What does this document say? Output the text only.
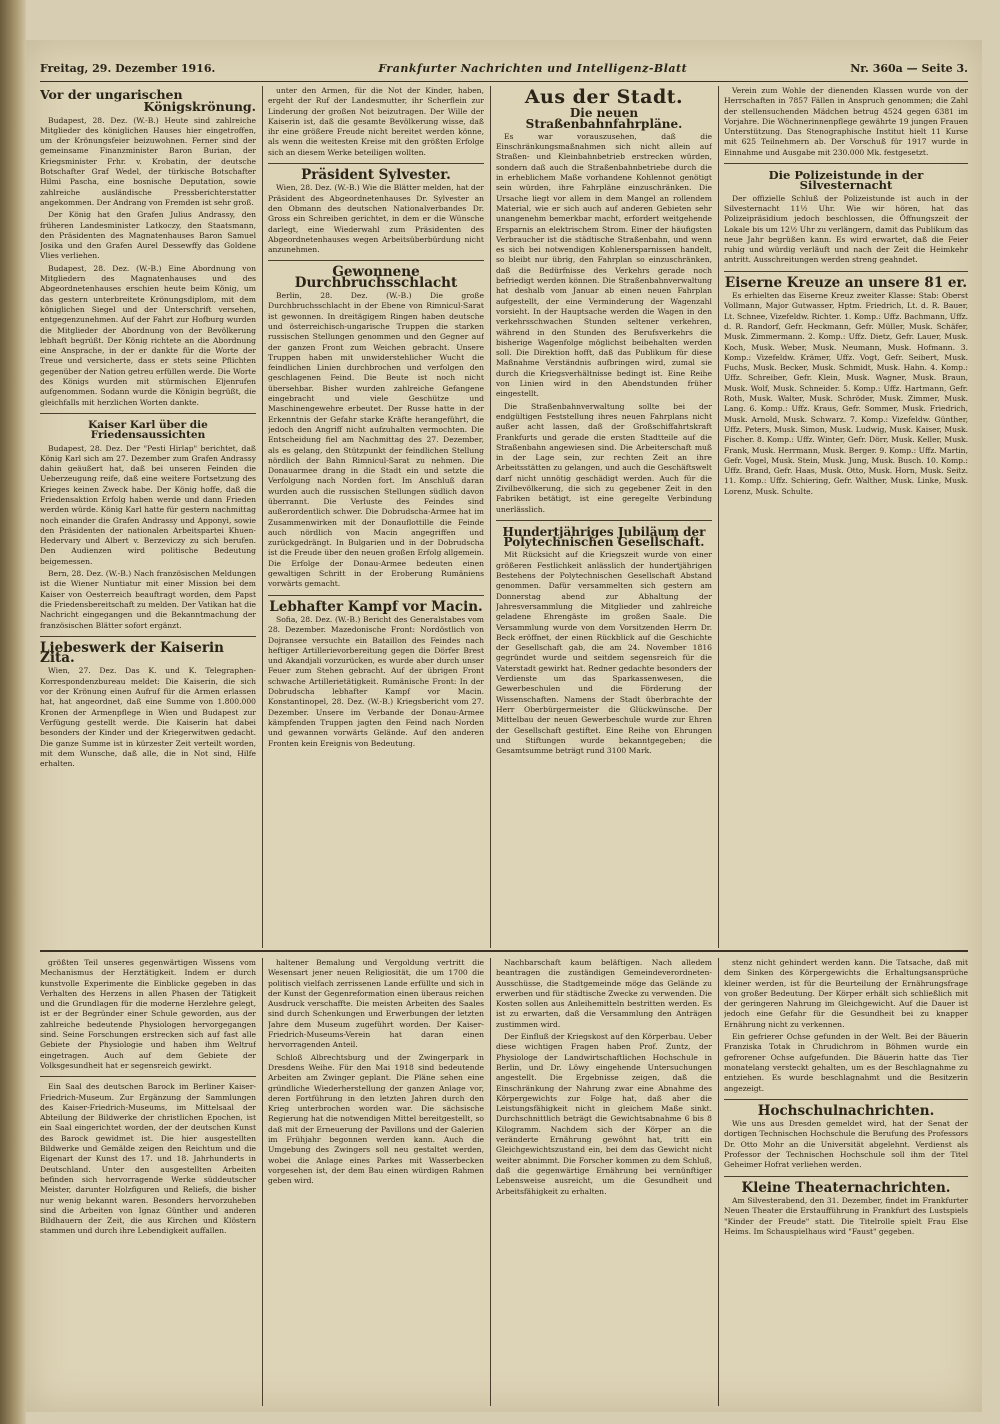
Freitag, 29. Dezember 1916.	Frankfurter Nachrichten und Intelligenz-Blatt	Nr. 360a — Seite 3.
Vor der ungarischen
Königskrönung.

Budapest, 28. Dez. (W.-B.) Heute sind zahlreiche Mitglieder des königlichen Hauses hier eingetroffen, um der Krönungsfeier beizuwohnen. Ferner sind der gemeinsame Finanzminister Baron Burian, der Kriegsminister Frhr. v. Krobatin, der deutsche Botschafter Graf Wedel, der türkische Botschafter Hilmi Pascha, eine bosnische Deputation, sowie zahlreiche ausländische Pressberichterstatter angekommen. Der Andrang von Fremden ist sehr groß.

Der König hat den Grafen Julius Andrassy, den früheren Landesminister Latkoczy, den Staatsmann, den Präsidenten des Magnatenhauses Baron Samuel Josika und den Grafen Aurel Dessewffy das Goldene Vlies verliehen.

Budapest, 28. Dez. (W.-B.) Eine Abordnung von Mitgliedern des Magnatenhauses und des Abgeordnetenhauses erschien heute beim König, um das gestern unterbreitete Krönungsdiplom, mit dem königlichen Siegel und der Unterschrift versehen, entgegenzunehmen. Auf der Fahrt zur Hofburg wurden die Mitglieder der Abordnung von der Bevölkerung lebhaft begrüßt. Der König richtete an die Abordnung eine Ansprache, in der er dankte für die Worte der Treue und versicherte, dass er stets seine Pflichten gegenüber der Nation getreu erfüllen werde. Die Worte des Königs wurden mit stürmischen Eljenrufen aufgenommen. Sodann wurde die Königin begrüßt, die gleichfalls mit herzlichen Worten dankte.

Kaiser Karl über die Friedensaussichten

Budapest, 28. Dez. Der "Pesti Hirlap" berichtet, daß König Karl sich am 27. Dezember zum Grafen Andrassy dahin geäußert hat, daß bei unseren Feinden die Ueberzeugung reife, daß eine weitere Fortsetzung des Krieges keinen Zweck habe. Der König hoffe, daß die Friedensaktion Erfolg haben werde und dann Frieden werden würde. König Karl hatte für gestern nachmittag noch einander die Grafen Andrassy und Apponyi, sowie den Präsidenten der nationalen Arbeitspartei Khuen-Hedervary und Albert v. Berzeviczy zu sich berufen. Den Audienzen wird politische Bedeutung beigemessen.

Bern, 28. Dez. (W.-B.) Nach französischen Meldungen ist die Wiener Nuntiatur mit einer Mission bei dem Kaiser von Oesterreich beauftragt worden, dem Papst die Friedensbereitschaft zu melden. Der Vatikan hat die Nachricht eingegangen und die Bekanntmachung der französischen Blätter sofort ergänzt.

Liebeswerk der Kaiserin Zita.

Wien, 27. Dez. Das K. und K. Telegraphen-Korrespondenzbureau meldet: Die Kaiserin, die sich vor der Krönung einen Aufruf für die Armen erlassen hat, hat angeordnet, daß eine Summe von 1.800.000 Kronen der Armenpflege in Wien und Budapest zur Verfügung gestellt werde. Die Kaiserin hat dabei besonders der Kinder und der Kriegerwitwen gedacht. Die ganze Summe ist in kürzester Zeit verteilt worden, mit dem Wunsche, daß alle, die in Not sind, Hilfe erhalten.

unter den Armen, für die Not der Kinder, haben, ergeht der Ruf der Landesmutter, ihr Scherflein zur Linderung der großen Not beizutragen. Der Wille der Kaiserin ist, daß die gesamte Bevölkerung wisse, daß ihr eine größere Freude nicht bereitet werden könne, als wenn die weitesten Kreise mit den größten Erfolge sich an diesem Werke beteiligen wollten.

Präsident Sylvester.

Wien, 28. Dez. (W.-B.) Wie die Blätter melden, hat der Präsident des Abgeordnetenhauses Dr. Sylvester an den Obmann des deutschen Nationalverbandes Dr. Gross ein Schreiben gerichtet, in dem er die Wünsche darlegt, eine Wiederwahl zum Präsidenten des Abgeordnetenhauses wegen Arbeitsüberbürdung nicht anzunehmen.

Gewonnene Durchbruchsschlacht

Berlin, 28. Dez. (W.-B.) Die große Durchbruchsschlacht in der Ebene von Rimnicul-Sarat ist gewonnen. In dreitägigem Ringen haben deutsche und österreichisch-ungarische Truppen die starken russischen Stellungen genommen und den Gegner auf der ganzen Front zum Weichen gebracht. Unsere Truppen haben mit unwiderstehlicher Wucht die feindlichen Linien durchbrochen und verfolgen den geschlagenen Feind. Die Beute ist noch nicht übersehbar. Bisher wurden zahlreiche Gefangene eingebracht und viele Geschütze und Maschinengewehre erbeutet. Der Russe hatte in der Erkenntnis der Gefahr starke Kräfte herangeführt, die jedoch den Angriff nicht aufzuhalten vermochten. Die Entscheidung fiel am Nachmittag des 27. Dezember, als es gelang, den Stützpunkt der feindlichen Stellung nördlich der Bahn Rimnicul-Sarat zu nehmen. Die Donauarmee drang in die Stadt ein und setzte die Verfolgung nach Norden fort. Im Anschluß daran wurden auch die russischen Stellungen südlich davon überrannt. Die Verluste des Feindes sind außerordentlich schwer. Die Dobrudscha-Armee hat im Zusammenwirken mit der Donauflottille die Feinde auch nördlich von Macin angegriffen und zurückgedrängt. In Bulgarien und in der Dobrudscha ist die Freude über den neuen großen Erfolg allgemein. Die Erfolge der Donau-Armee bedeuten einen gewaltigen Schritt in der Eroberung Rumäniens vorwärts gemacht.

Lebhafter Kampf vor Macin.

Sofia, 28. Dez. (W.-B.) Bericht des Generalstabes vom 28. Dezember. Mazedonische Front: Nordöstlich von Dojransee versuchte ein Bataillon des Feindes nach heftiger Artillerievorbereitung gegen die Dörfer Brest und Akandjali vorzurücken, es wurde aber durch unser Feuer zum Stehen gebracht. Auf der übrigen Front schwache Artillerietätigkeit. Rumänische Front: In der Dobrudscha lebhafter Kampf vor Macin. Konstantinopel, 28. Dez. (W.-B.) Kriegsbericht vom 27. Dezember. Unsere im Verbande der Donau-Armee kämpfenden Truppen jagten den Feind nach Norden und gewannen vorwärts Gelände. Auf den anderen Fronten kein Ereignis von Bedeutung.

Aus der Stadt.
Die neuen Straßenbahnfahrpläne.

Es war vorauszusehen, daß die Einschränkungsmaßnahmen sich nicht allein auf Straßen- und Kleinbahnbetrieb erstrecken würden, sondern daß auch die Straßenbahnbetriebe durch die in erheblichem Maße vorhandene Kohlennot genötigt sein würden, ihre Fahrpläne einzuschränken. Die Ursache liegt vor allem in dem Mangel an rollendem Material, wie er sich auch auf anderen Gebieten sehr unangenehm bemerkbar macht, erfordert weitgehende Ersparnis an elektrischem Strom. Einer der häufigsten Verbraucher ist die städtische Straßenbahn, und wenn es sich bei notwendigen Kohlenersparnissen handelt, so bleibt nur übrig, den Fahrplan so einzuschränken, daß die Bedürfnisse des Verkehrs gerade noch befriedigt werden können. Die Straßenbahnverwaltung hat deshalb vom Januar ab einen neuen Fahrplan aufgestellt, der eine Verminderung der Wagenzahl vorsieht. In der Hauptsache werden die Wagen in den verkehrsschwachen Stunden seltener verkehren, während in den Stunden des Berufsverkehrs die bisherige Wagenfolge möglichst beibehalten werden soll. Die Direktion hofft, daß das Publikum für diese Maßnahme Verständnis aufbringen wird, zumal sie durch die Kriegsverhältnisse bedingt ist. Eine Reihe von Linien wird in den Abendstunden früher eingestellt.

Die Straßenbahnverwaltung sollte bei der endgültigen Feststellung ihres neuen Fahrplans nicht außer acht lassen, daß der Großschiffahrtskraft Frankfurts und gerade die ersten Stadtteile auf die Straßenbahn angewiesen sind. Die Arbeiterschaft muß in der Lage sein, zur rechten Zeit an ihre Arbeitsstätten zu gelangen, und auch die Geschäftswelt darf nicht unnötig geschädigt werden. Auch für die Zivilbevölkerung, die sich zu gegebener Zeit in den Fabriken betätigt, ist eine geregelte Verbindung unerlässlich.

Hundertjähriges Jubiläum der Polytechnischen Gesellschaft.

Mit Rücksicht auf die Kriegszeit wurde von einer größeren Festlichkeit anlässlich der hundertjährigen Bestehens der Polytechnischen Gesellschaft Abstand genommen. Dafür versammelten sich gestern am Donnerstag abend zur Abhaltung der Jahresversammlung die Mitglieder und zahlreiche geladene Ehrengäste im großen Saale. Die Versammlung wurde von dem Vorsitzenden Herrn Dr. Beck eröffnet, der einen Rückblick auf die Geschichte der Gesellschaft gab, die am 24. November 1816 gegründet wurde und seitdem segensreich für die Vaterstadt gewirkt hat. Redner gedachte besonders der Verdienste um das Sparkassenwesen, die Gewerbeschulen und die Förderung der Wissenschaften. Namens der Stadt überbrachte der Herr Oberbürgermeister die Glückwünsche. Der Mittelbau der neuen Gewerbeschule wurde zur Ehren der Gesellschaft gestiftet. Eine Reihe von Ehrungen und Stiftungen wurde bekanntgegeben; die Gesamtsumme beträgt rund 3100 Mark.

Verein zum Wohle der dienenden Klassen wurde von der Herrschaften in 7857 Fällen in Anspruch genommen; die Zahl der stellensuchenden Mädchen betrug 4524 gegen 6381 im Vorjahre. Die Wöchnerinnenpflege gewährte 19 jungen Frauen Unterstützung. Das Stenographische Institut hielt 11 Kurse mit 625 Teilnehmern ab. Der Vorschuß für 1917 wurde in Einnahme und Ausgabe mit 230.000 Mk. festgesetzt.

Die Polizeistunde in der Silvesternacht

Der offizielle Schluß der Polizeistunde ist auch in der Silvesternacht 11½ Uhr. Wie wir hören, hat das Polizeipräsidium jedoch beschlossen, die Öffnungszeit der Lokale bis um 12½ Uhr zu verlängern, damit das Publikum das neue Jahr begrüßen kann. Es wird erwartet, daß die Feier ruhig und würdig verläuft und nach der Zeit die Heimkehr antritt. Ausschreitungen werden streng geahndet.

Eiserne Kreuze an unsere 81 er.

Es erhielten das Eiserne Kreuz zweiter Klasse: Stab: Oberst Vollmann, Major Gutwasser, Hptm. Friedrich, Lt. d. R. Bauer, Lt. Schnee, Vizefeldw. Richter. 1. Komp.: Uffz. Bachmann, Uffz. d. R. Randorf, Gefr. Heckmann, Gefr. Müller, Musk. Schäfer, Musk. Zimmermann. 2. Komp.: Uffz. Dietz, Gefr. Lauer, Musk. Koch, Musk. Weber, Musk. Neumann, Musk. Hofmann. 3. Komp.: Vizefeldw. Krämer, Uffz. Vogt, Gefr. Seibert, Musk. Fuchs, Musk. Becker, Musk. Schmidt, Musk. Hahn. 4. Komp.: Uffz. Schreiber, Gefr. Klein, Musk. Wagner, Musk. Braun, Musk. Wolf, Musk. Schneider. 5. Komp.: Uffz. Hartmann, Gefr. Roth, Musk. Walter, Musk. Schröder, Musk. Zimmer, Musk. Lang. 6. Komp.: Uffz. Kraus, Gefr. Sommer, Musk. Friedrich, Musk. Arnold, Musk. Schwarz. 7. Komp.: Vizefeldw. Günther, Uffz. Peters, Musk. Simon, Musk. Ludwig, Musk. Kaiser, Musk. Fischer. 8. Komp.: Uffz. Winter, Gefr. Dörr, Musk. Keller, Musk. Frank, Musk. Herrmann, Musk. Berger. 9. Komp.: Uffz. Martin, Gefr. Vogel, Musk. Stein, Musk. Jung, Musk. Busch. 10. Komp.: Uffz. Brand, Gefr. Haas, Musk. Otto, Musk. Horn, Musk. Seitz. 11. Komp.: Uffz. Schiering, Gefr. Walther, Musk. Linke, Musk. Lorenz, Musk. Schulte.

größten Teil unseres gegenwärtigen Wissens vom Mechanismus der Herztätigkeit. Indem er durch kunstvolle Experimente die Einblicke gegeben in das Verhalten des Herzens in allen Phasen der Tätigkeit und die Grundlagen für die moderne Herzlehre gelegt, ist er der Begründer einer Schule geworden, aus der zahlreiche bedeutende Physiologen hervorgegangen sind. Seine Forschungen erstrecken sich auf fast alle Gebiete der Physiologie und haben ihm Weltruf eingetragen. Auch auf dem Gebiete der Volksgesundheit hat er segensreich gewirkt.

Ein Saal des deutschen Barock im Berliner Kaiser-Friedrich-Museum. Zur Ergänzung der Sammlungen des Kaiser-Friedrich-Museums, im Mittelsaal der Abteilung der Bildwerke der christlichen Epochen, ist ein Saal eingerichtet worden, der der deutschen Kunst des Barock gewidmet ist. Die hier ausgestellten Bildwerke und Gemälde zeigen den Reichtum und die Eigenart der Kunst des 17. und 18. Jahrhunderts in Deutschland. Unter den ausgestellten Arbeiten befinden sich hervorragende Werke süddeutscher Meister, darunter Holzfiguren und Reliefs, die bisher nur wenig bekannt waren. Besonders hervorzuheben sind die Arbeiten von Ignaz Günther und anderen Bildhauern der Zeit, die aus Kirchen und Klöstern stammen und durch ihre Lebendigkeit auffallen.

haltener Bemalung und Vergoldung vertritt die Wesensart jener neuen Religiosität, die um 1700 die politisch vielfach zerrissenen Lande erfüllte und sich in der Kunst der Gegenreformation einen überaus reichen Ausdruck verschaffte. Die meisten Arbeiten des Saales sind durch Schenkungen und Erwerbungen der letzten Jahre dem Museum zugeführt worden. Der Kaiser-Friedrich-Museums-Verein hat daran einen hervorragenden Anteil.

Schloß Albrechtsburg und der Zwingerpark in Dresdens Weihe. Für den Mai 1918 sind bedeutende Arbeiten am Zwinger geplant. Die Pläne sehen eine gründliche Wiederherstellung der ganzen Anlage vor, deren Fortführung in den letzten Jahren durch den Krieg unterbrochen worden war. Die sächsische Regierung hat die notwendigen Mittel bereitgestellt, so daß mit der Erneuerung der Pavillons und der Galerien im Frühjahr begonnen werden kann. Auch die Umgebung des Zwingers soll neu gestaltet werden, wobei die Anlage eines Parkes mit Wasserbecken vorgesehen ist, der dem Bau einen würdigen Rahmen geben wird.

Nachbarschaft kaum beläftigen. Nach alledem beantragen die zuständigen Gemeindeverordneten-Ausschüsse, die Stadtgemeinde möge das Gelände zu erwerben und für städtische Zwecke zu verwenden. Die Kosten sollen aus Anleihemitteln bestritten werden. Es ist zu erwarten, daß die Versammlung den Anträgen zustimmen wird.

Der Einfluß der Kriegskost auf den Körperbau. Ueber diese wichtigen Fragen haben Prof. Zuntz, der Physiologe der Landwirtschaftlichen Hochschule in Berlin, und Dr. Löwy eingehende Untersuchungen angestellt. Die Ergebnisse zeigen, daß die Einschränkung der Nahrung zwar eine Abnahme des Körpergewichts zur Folge hat, daß aber die Leistungsfähigkeit nicht in gleichem Maße sinkt. Durchschnittlich beträgt die Gewichtsabnahme 6 bis 8 Kilogramm. Nachdem sich der Körper an die veränderte Ernährung gewöhnt hat, tritt ein Gleichgewichtszustand ein, bei dem das Gewicht nicht weiter abnimmt. Die Forscher kommen zu dem Schluß, daß die gegenwärtige Ernährung bei vernünftiger Lebensweise ausreicht, um die Gesundheit und Arbeitsfähigkeit zu erhalten.

stenz nicht gehindert werden kann. Die Tatsache, daß mit dem Sinken des Körpergewichts die Erhaltungsansprüche kleiner werden, ist für die Beurteilung der Ernährungsfrage von großer Bedeutung. Der Körper erhält sich schließlich mit der geringeren Nahrung im Gleichgewicht. Auf die Dauer ist jedoch eine Gefahr für die Gesundheit bei zu knapper Ernährung nicht zu verkennen.

Ein gefrierer Ochse gefunden in der Welt. Bei der Bäuerin Franziska Totak in Chrudichrom in Böhmen wurde ein gefrorener Ochse aufgefunden. Die Bäuerin hatte das Tier monatelang versteckt gehalten, um es der Beschlagnahme zu entziehen. Es wurde beschlagnahmt und die Besitzerin angezeigt.

Hochschulnachrichten.

Wie uns aus Dresden gemeldet wird, hat der Senat der dortigen Technischen Hochschule die Berufung des Professors Dr. Otto Mohr an die Universität abgelehnt. Verdienst als Professor der Technischen Hochschule soll ihm der Titel Geheimer Hofrat verliehen werden.

Kleine Theaternachrichten.

Am Silvesterabend, den 31. Dezember, findet im Frankfurter Neuen Theater die Erstaufführung in Frankfurt des Lustspiels "Kinder der Freude" statt. Die Titelrolle spielt Frau Else Heims. Im Schauspielhaus wird "Faust" gegeben.
